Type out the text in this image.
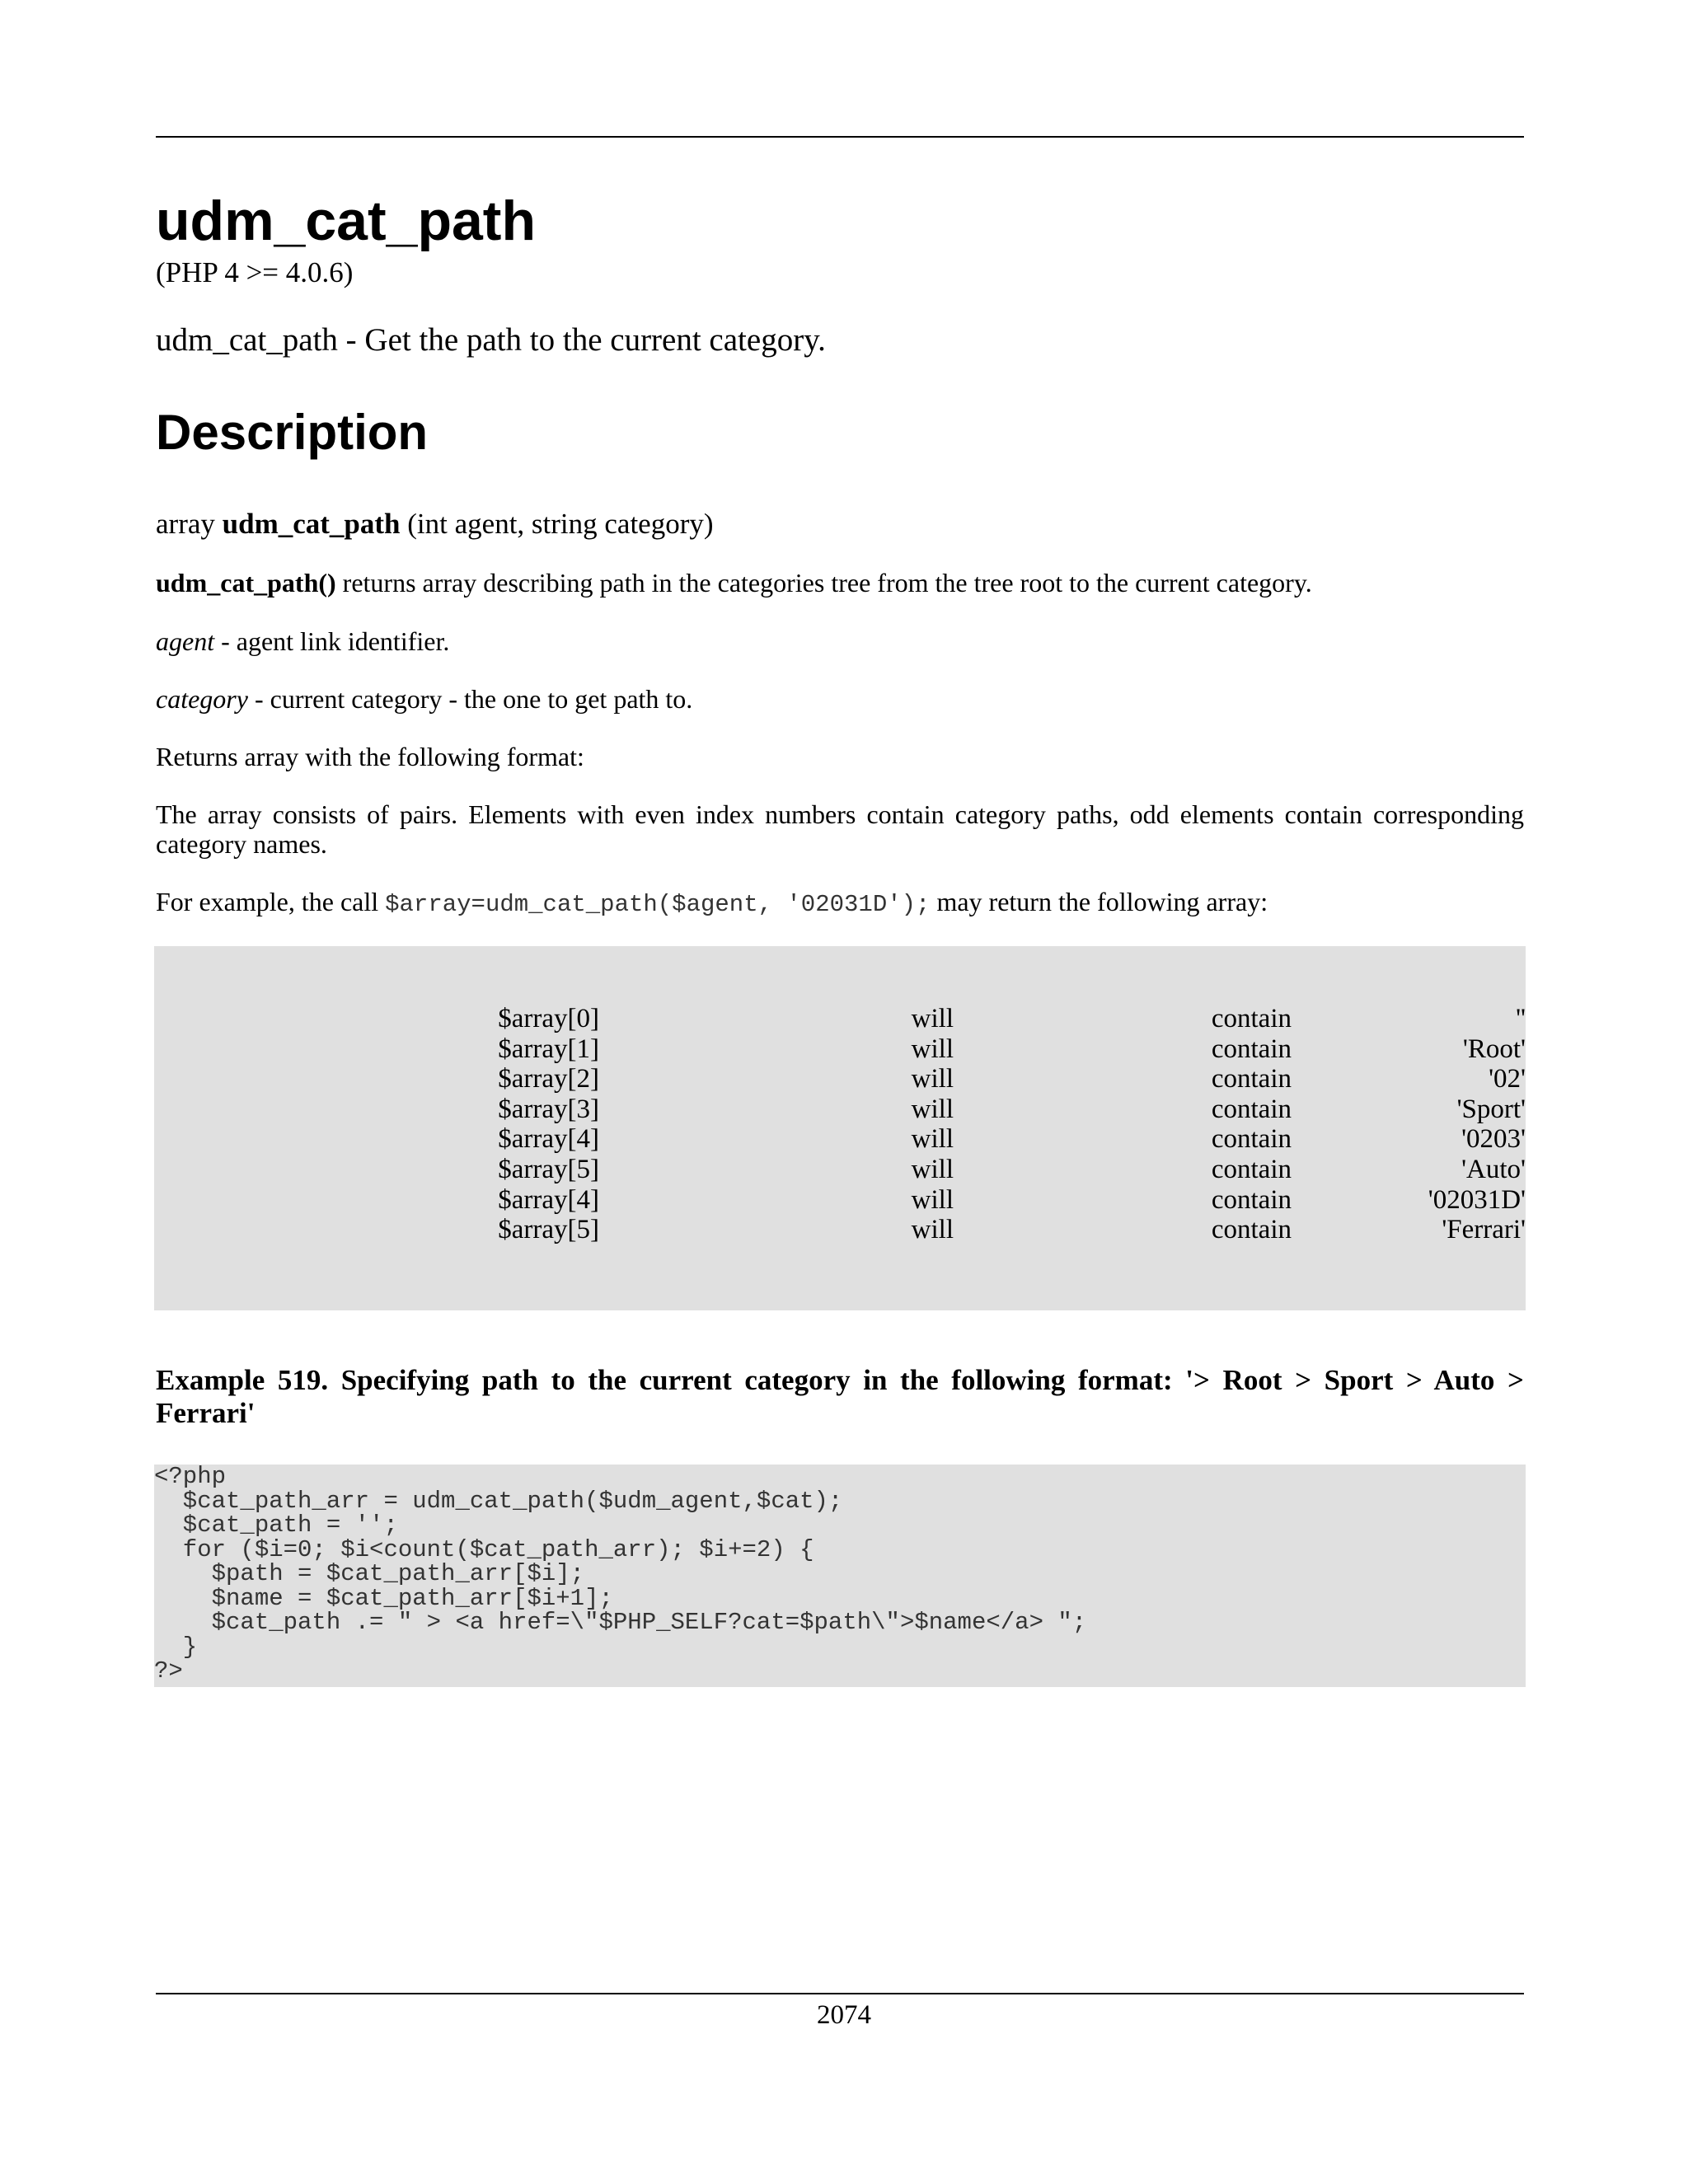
udm_cat_path
(PHP 4 >= 4.0.6)
udm_cat_path - Get the path to the current category.
Description
array udm_cat_path (int agent, string category)

udm_cat_path() returns array describing path in the categories tree from the tree root to the current category.

agent - agent link identifier.

category - current category - the one to get path to.

Returns array with the following format:

The array consists of pairs. Elements with even index numbers contain category paths, odd elements contain corresponding category names.

For example, the call $array=udm_cat_path($agent, '02031D'); may return the following array:

$array[0]	will	contain	''
$array[1]	will	contain	'Root'
$array[2]	will	contain	'02'
$array[3]	will	contain	'Sport'
$array[4]	will	contain	'0203'
$array[5]	will	contain	'Auto'
$array[4]	will	contain	'02031D'
$array[5]	will	contain	'Ferrari'

Example 519. Specifying path to the current category in the following format: '> Root > Sport > Auto > Ferrari'

<?php
$cat_path_arr = udm_cat_path($udm_agent,$cat);
$cat_path = '';
for ($i=0; $i<count($cat_path_arr); $i+=2) {
$path = $cat_path_arr[$i];
$name = $cat_path_arr[$i+1];
$cat_path .= " > <a href=\"$PHP_SELF?cat=$path\">$name</a> ";
}
?>
2074
